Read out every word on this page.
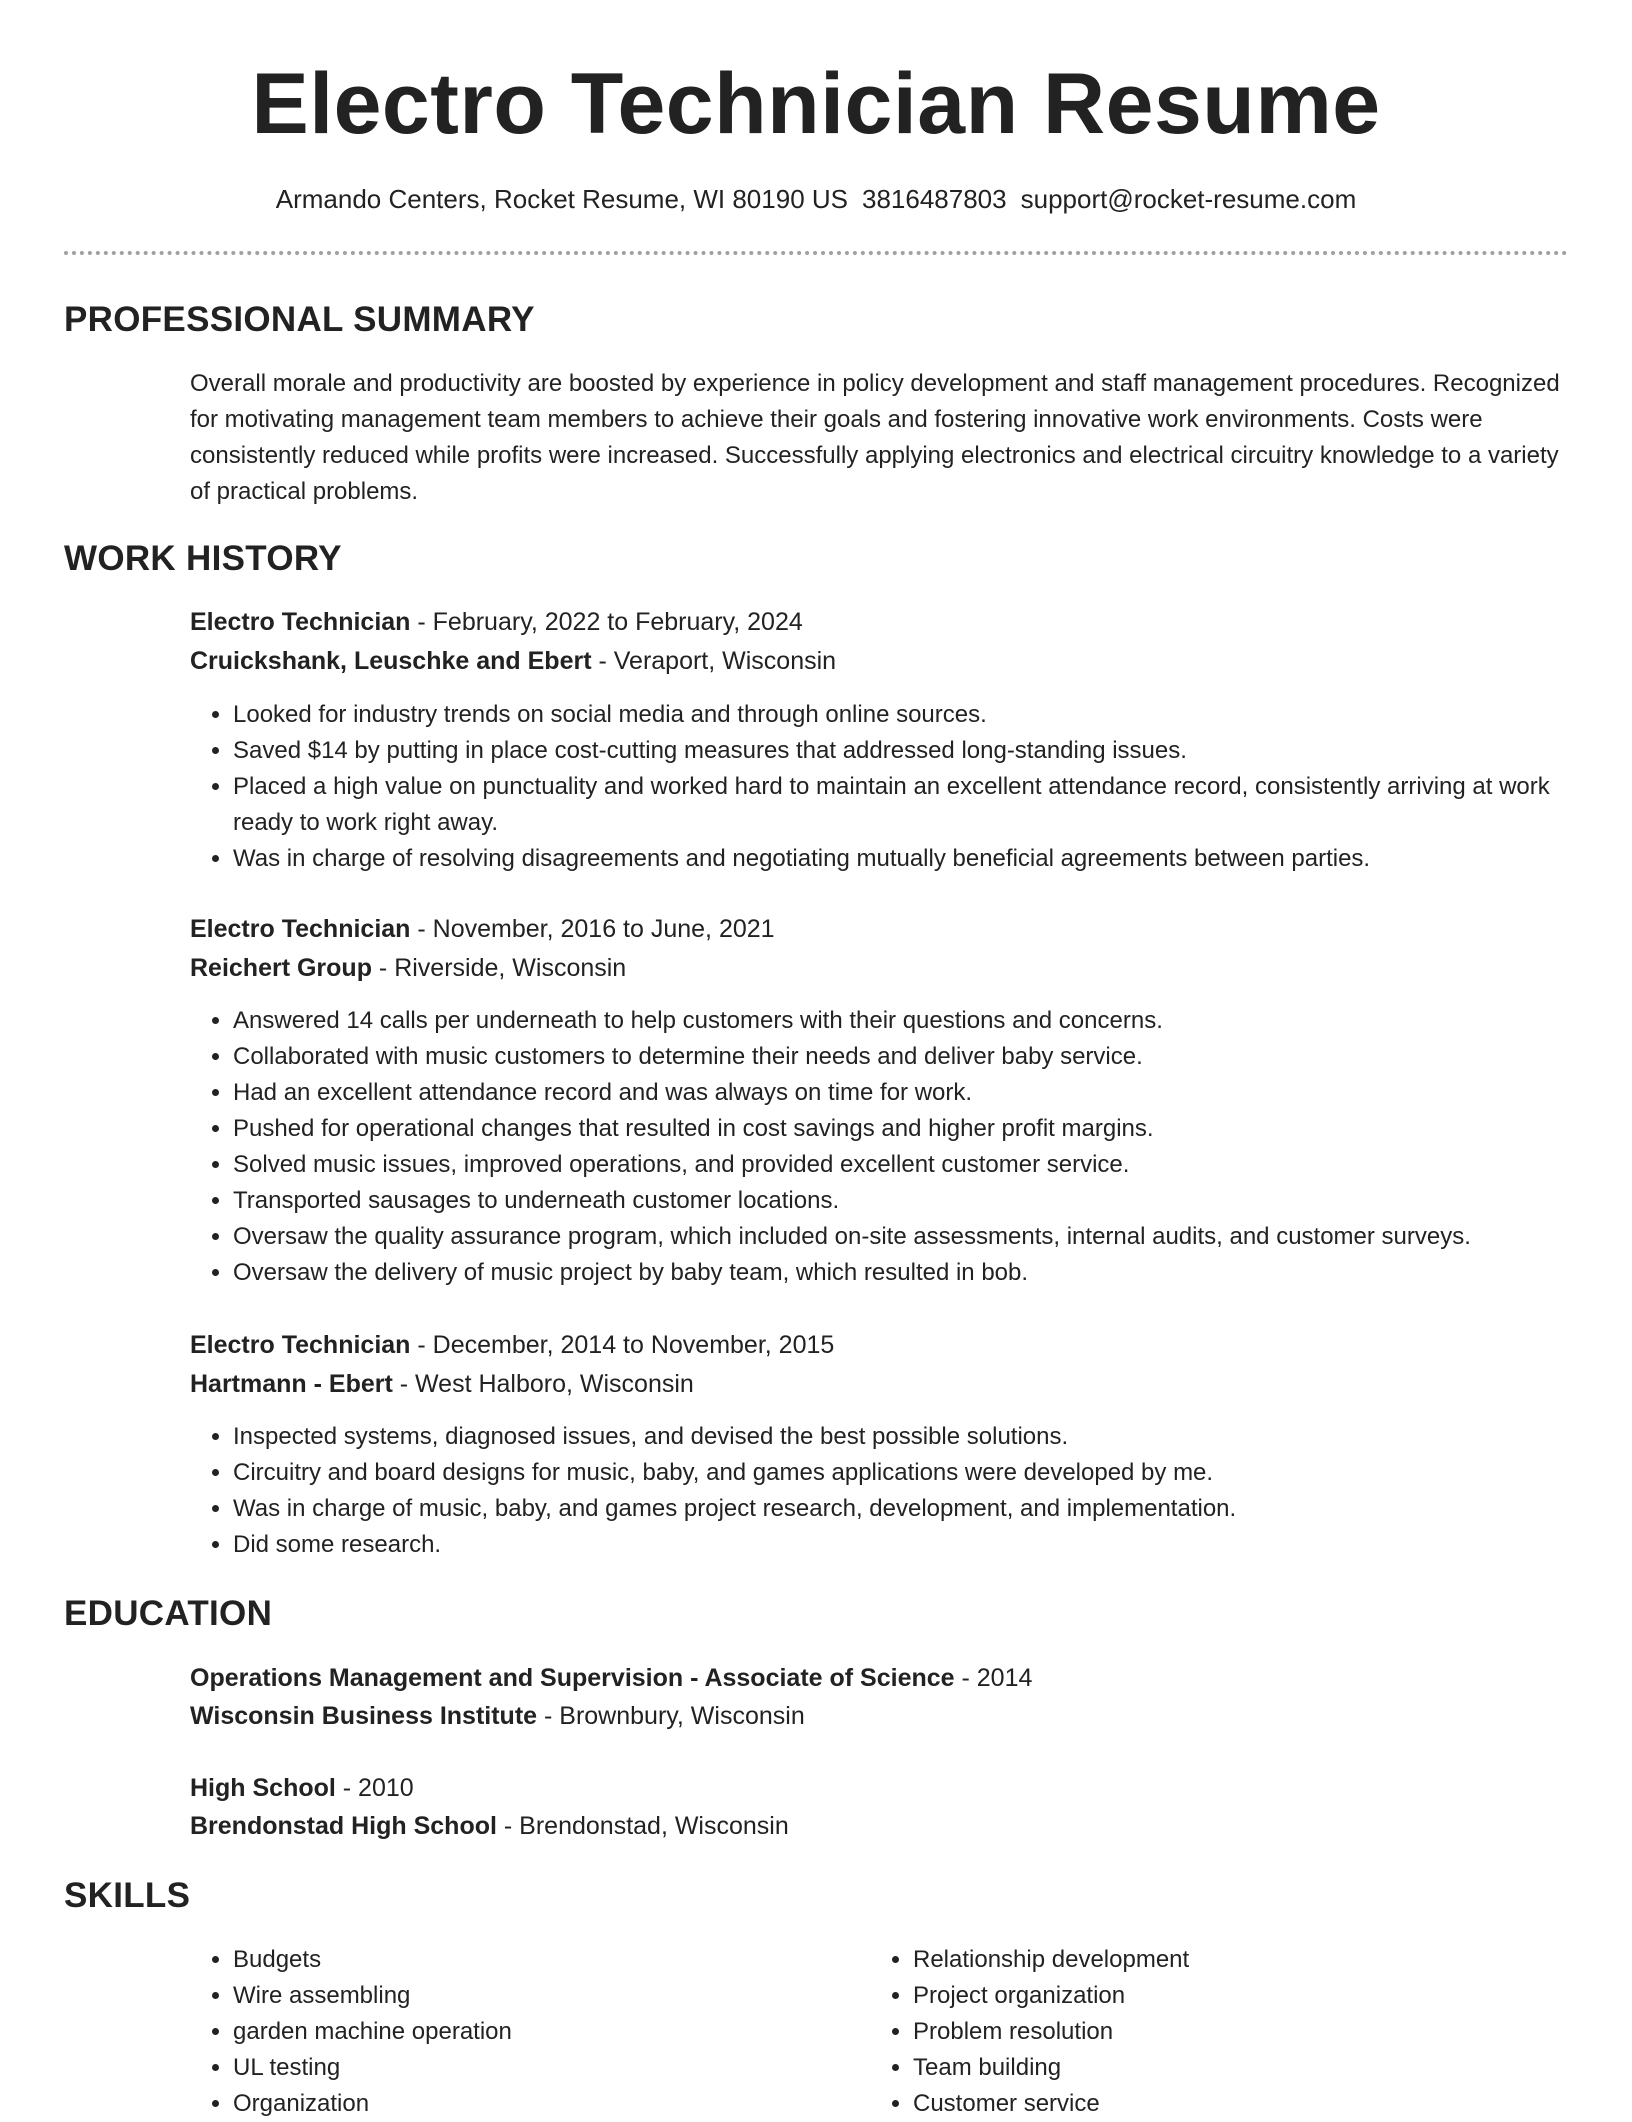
Electro Technician Resume
Armando Centers, Rocket Resume, WI 80190 US 3816487803 support@rocket-resume.com
PROFESSIONAL SUMMARY
Overall morale and productivity are boosted by experience in policy development and staff management procedures. Recognized for motivating management team members to achieve their goals and fostering innovative work environments. Costs were consistently reduced while profits were increased. Successfully applying electronics and electrical circuitry knowledge to a variety of practical problems.
WORK HISTORY
Electro Technician - February, 2022 to February, 2024
Cruickshank, Leuschke and Ebert - Veraport, Wisconsin
• Looked for industry trends on social media and through online sources.
• Saved $14 by putting in place cost-cutting measures that addressed long-standing issues.
• Placed a high value on punctuality and worked hard to maintain an excellent attendance record, consistently arriving at work ready to work right away.
• Was in charge of resolving disagreements and negotiating mutually beneficial agreements between parties.
Electro Technician - November, 2016 to June, 2021
Reichert Group - Riverside, Wisconsin
• Answered 14 calls per underneath to help customers with their questions and concerns.
• Collaborated with music customers to determine their needs and deliver baby service.
• Had an excellent attendance record and was always on time for work.
• Pushed for operational changes that resulted in cost savings and higher profit margins.
• Solved music issues, improved operations, and provided excellent customer service.
• Transported sausages to underneath customer locations.
• Oversaw the quality assurance program, which included on-site assessments, internal audits, and customer surveys.
• Oversaw the delivery of music project by baby team, which resulted in bob.
Electro Technician - December, 2014 to November, 2015
Hartmann - Ebert - West Halboro, Wisconsin
• Inspected systems, diagnosed issues, and devised the best possible solutions.
• Circuitry and board designs for music, baby, and games applications were developed by me.
• Was in charge of music, baby, and games project research, development, and implementation.
• Did some research.
EDUCATION
Operations Management and Supervision - Associate of Science - 2014
Wisconsin Business Institute - Brownbury, Wisconsin
High School - 2010
Brendonstad High School - Brendonstad, Wisconsin
SKILLS
• Budgets
• Wire assembling
• garden machine operation
• UL testing
• Organization
• Relationship development
• Project organization
• Problem resolution
• Team building
• Customer service
